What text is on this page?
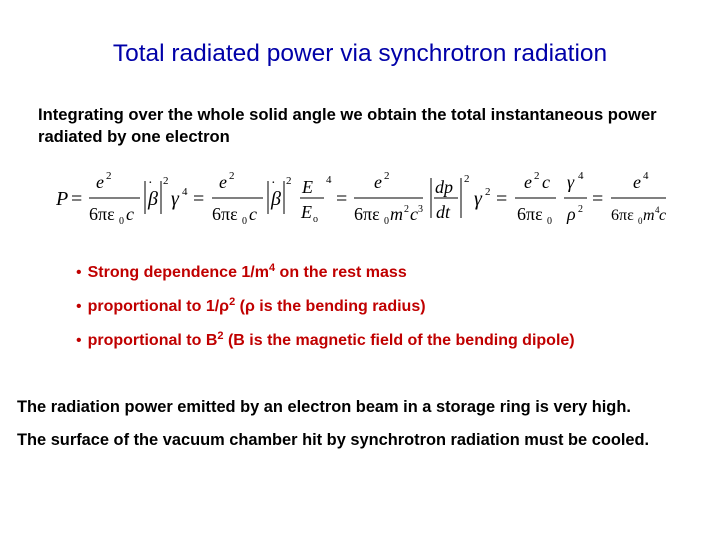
Total radiated power via synchrotron radiation
Integrating over the whole solid angle we obtain the total instantaneous power radiated by one electron
P =
e 2
6πε 0 c
·
β
2
γ 4 =
e 2
6πε 0 c
·
β
2 E
E o
4
=
e 2
6πε 0 m 2 c 3
dp
dt
2
γ 2 =
e 2 c
6πε 0
γ 4
ρ 2 =
e 4
6πε 0 m 4 c
• Strong dependence $1/m^4$ on the rest mass
• proportional to $1/\rho^2$ (ρ is the bending radius)
• proportional to $B^2$ (B is the magnetic field of the bending dipole)
The radiation power emitted by an electron beam in a storage ring is very high.
The surface of the vacuum chamber hit by synchrotron radiation must be cooled.
